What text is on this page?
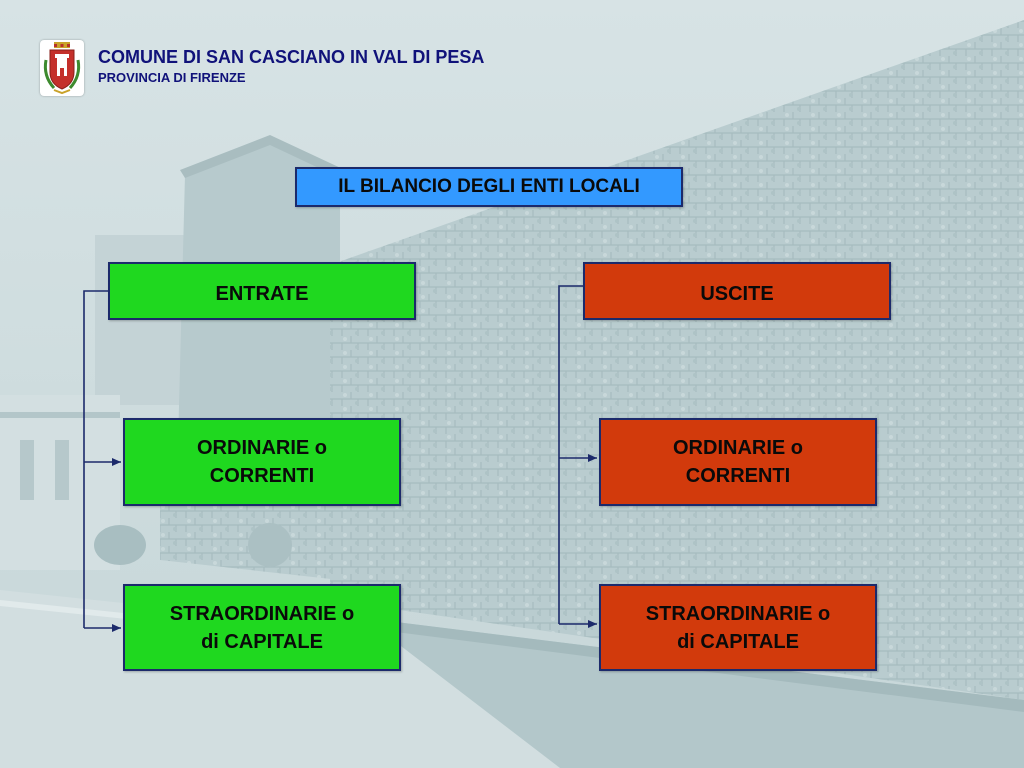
COMUNE DI SAN CASCIANO IN VAL DI PESA
PROVINCIA DI FIRENZE
IL BILANCIO DEGLI ENTI LOCALI
ENTRATE	USCITE
ORDINARIE o
CORRENTI
STRAORDINARIE o
di CAPITALE
ORDINARIE o
CORRENTI
STRAORDINARIE o
di CAPITALE
